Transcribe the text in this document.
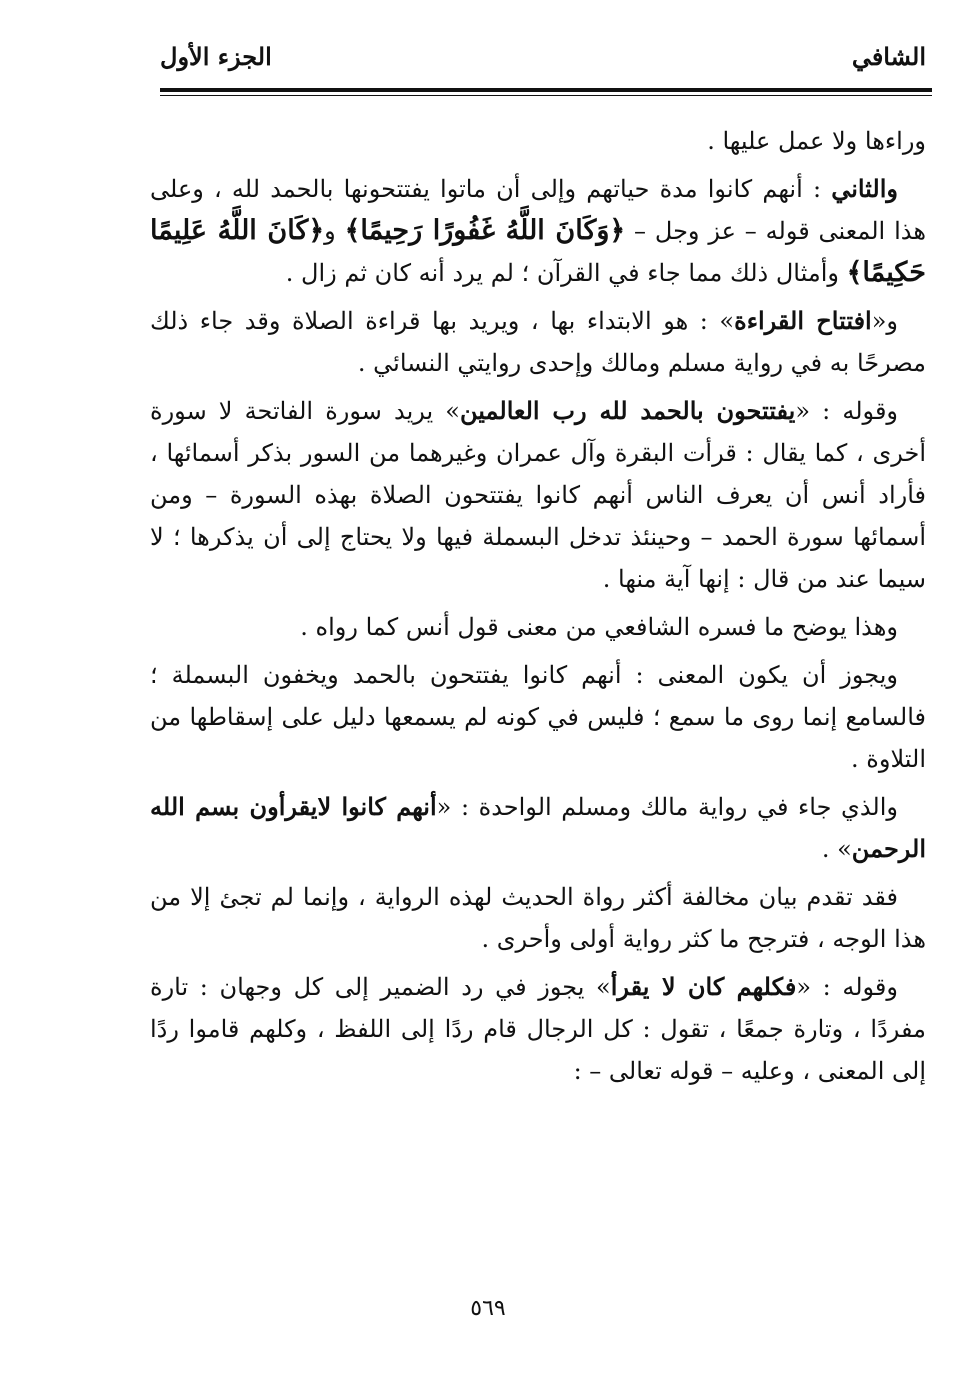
الشافي
الجزء الأول

وراءها ولا عمل عليها .

والثاني : أنهم كانوا مدة حياتهم وإلى أن ماتوا يفتتحونها بالحمد لله ، وعلى هذا المعنى قوله – عز وجل – ﴿وَكَانَ اللَّهُ غَفُورًا رَحِيمًا﴾ و﴿كَانَ اللَّهُ عَلِيمًا حَكِيمًا﴾ وأمثال ذلك مما جاء في القرآن ؛ لم يرد أنه كان ثم زال .

و«افتتاح القراءة» : هو الابتداء بها ، ويريد بها قراءة الصلاة وقد جاء ذلك مصرحًا به في رواية مسلم ومالك وإحدى روايتي النسائي .

وقوله : «يفتتحون بالحمد لله رب العالمين» يريد سورة الفاتحة لا سورة أخرى ، كما يقال : قرأت البقرة وآل عمران وغيرهما من السور بذكر أسمائها ، فأراد أنس أن يعرف الناس أنهم كانوا يفتتحون الصلاة بهذه السورة – ومن أسمائها سورة الحمد – وحينئذ تدخل البسملة فيها ولا يحتاج إلى أن يذكرها ؛ لا سيما عند من قال : إنها آية منها .

وهذا يوضح ما فسره الشافعي من معنى قول أنس كما رواه .

ويجوز أن يكون المعنى : أنهم كانوا يفتتحون بالحمد ويخفون البسملة ؛ فالسامع إنما روى ما سمع ؛ فليس في كونه لم يسمعها دليل على إسقاطها من التلاوة .

والذي جاء في رواية مالك ومسلم الواحدة : «أنهم كانوا لايقرأون بسم الله الرحمن» .

فقد تقدم بيان مخالفة أكثر رواة الحديث لهذه الرواية ، وإنما لم تجئ إلا من هذا الوجه ، فترجح ما كثر رواية أولى وأحرى .

وقوله : «فكلهم كان لا يقرأ» يجوز في رد الضمير إلى كل وجهان : تارة مفردًا ، وتارة جمعًا ، تقول : كل الرجال قام ردًا إلى اللفظ ، وكلهم قاموا ردًا إلى المعنى ، وعليه – قوله تعالى – :

٥٦٩
